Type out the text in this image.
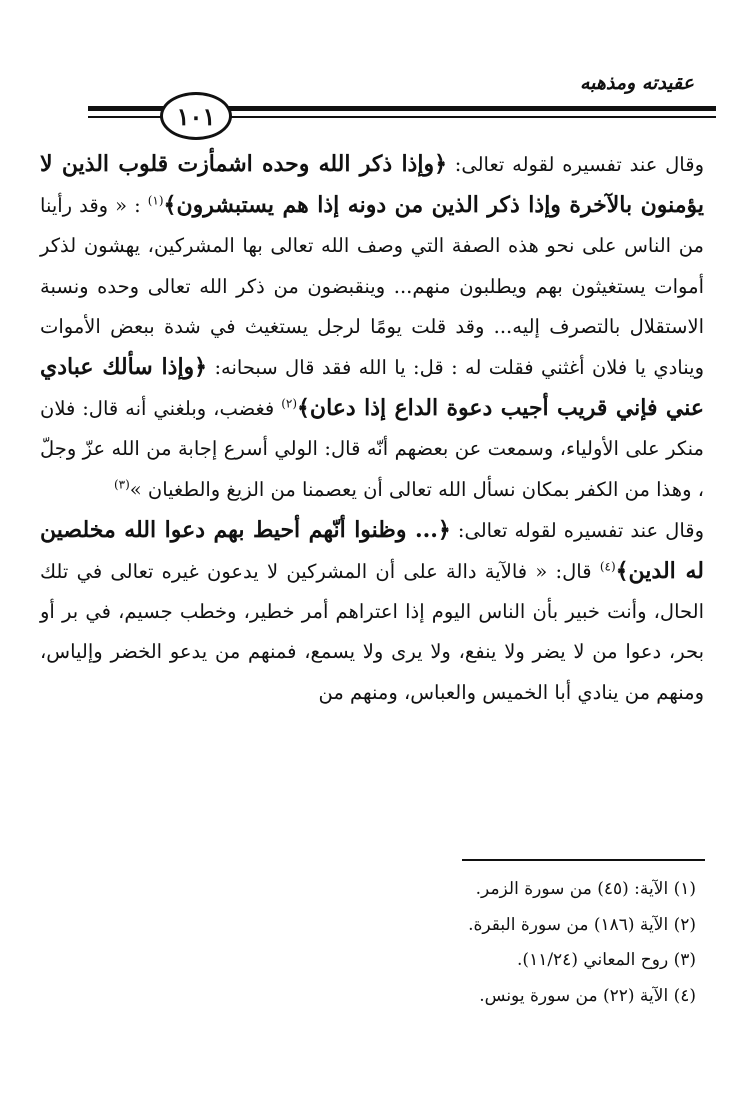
عقيدته ومذهبه
١٠١

وقال عند تفسيره لقوله تعالى: ﴿وإذا ذكر الله وحده اشمأزت قلوب الذين لا يؤمنون بالآخرة وإذا ذكر الذين من دونه إذا هم يستبشرون﴾$^{(١)}$ : « وقد رأينا من الناس على نحو هذه الصفة التي وصف الله تعالى بها المشركين، يهشون لذكر أموات يستغيثون بهم ويطلبون منهم... وينقبضون من ذكر الله تعالى وحده ونسبة الاستقلال بالتصرف إليه... وقد قلت يومًا لرجل يستغيث في شدة ببعض الأموات وينادي يا فلان أغثني فقلت له : قل: يا الله فقد قال سبحانه: ﴿وإذا سألك عبادي عني فإني قريب أجيب دعوة الداع إذا دعان﴾$^{(٢)}$ فغضب، وبلغني أنه قال: فلان منكر على الأولياء، وسمعت عن بعضهم أنّه قال: الولي أسرع إجابة من الله عزّ وجلّ ، وهذا من الكفر بمكان نسأل الله تعالى أن يعصمنا من الزيغ والطغيان »$^{(٣)}$

وقال عند تفسيره لقوله تعالى: ﴿... وظنوا أنّهم أحيط بهم دعوا الله مخلصين له الدين﴾$^{(٤)}$ قال: « فالآية دالة على أن المشركين لا يدعون غيره تعالى في تلك الحال، وأنت خبير بأن الناس اليوم إذا اعتراهم أمر خطير، وخطب جسيم، في بر أو بحر، دعوا من لا يضر ولا ينفع، ولا يرى ولا يسمع، فمنهم من يدعو الخضر وإلياس، ومنهم من ينادي أبا الخميس والعباس، ومنهم من

(١) الآية: (٤٥) من سورة الزمر.
(٢) الآية (١٨٦) من سورة البقرة.
(٣) روح المعاني (١١/٢٤).
(٤) الآية (٢٢) من سورة يونس.
